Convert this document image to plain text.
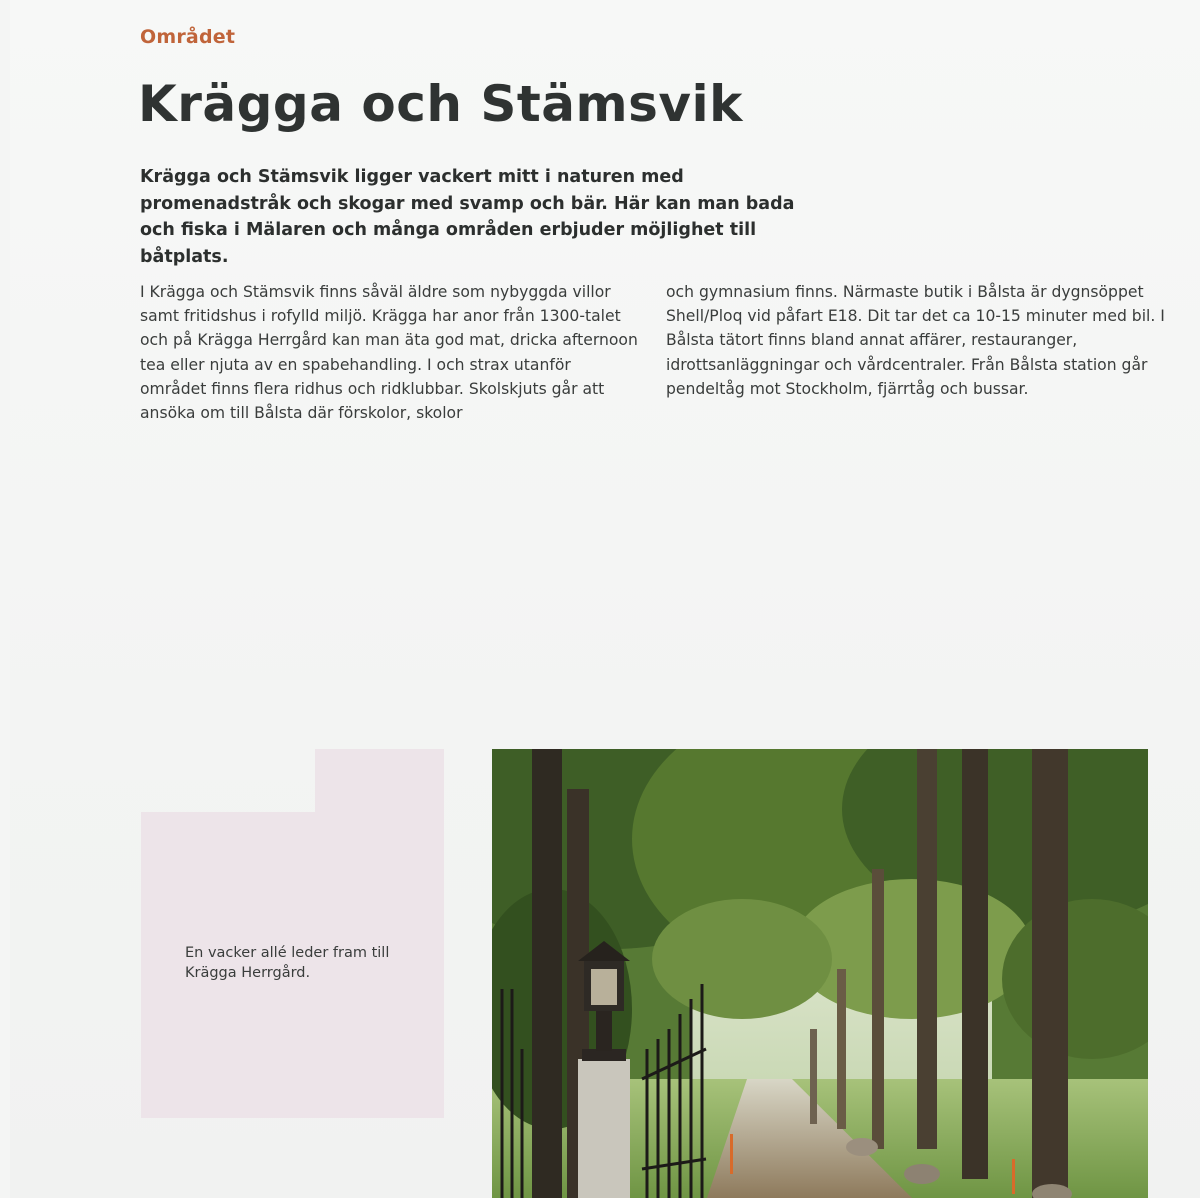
Området

Krägga och Stämsvik

Krägga och Stämsvik ligger vackert mitt i naturen med promenadstråk och skogar med svamp och bär. Här kan man bada och fiska i Mälaren och många områden erbjuder möjlighet till båtplats.

I Krägga och Stämsvik finns såväl äldre som nybyggda villor samt fritidshus i rofylld miljö. Krägga har anor från 1300-talet och på Krägga Herrgård kan man äta god mat, dricka afternoon tea eller njuta av en spabehandling. I och strax utanför området finns flera ridhus och ridklubbar. Skolskjuts går att ansöka om till Bålsta där förskolor, skolor

och gymnasium finns. Närmaste butik i Bålsta är dygnsöppet Shell/Ploq vid påfart E18. Dit tar det ca 10-15 minuter med bil. I Bålsta tätort finns bland annat affärer, restauranger, idrottsanläggningar och vårdcentraler. Från Bålsta station går pendeltåg mot Stockholm, fjärrtåg och bussar.

En vacker allé leder fram till Krägga Herrgård.
